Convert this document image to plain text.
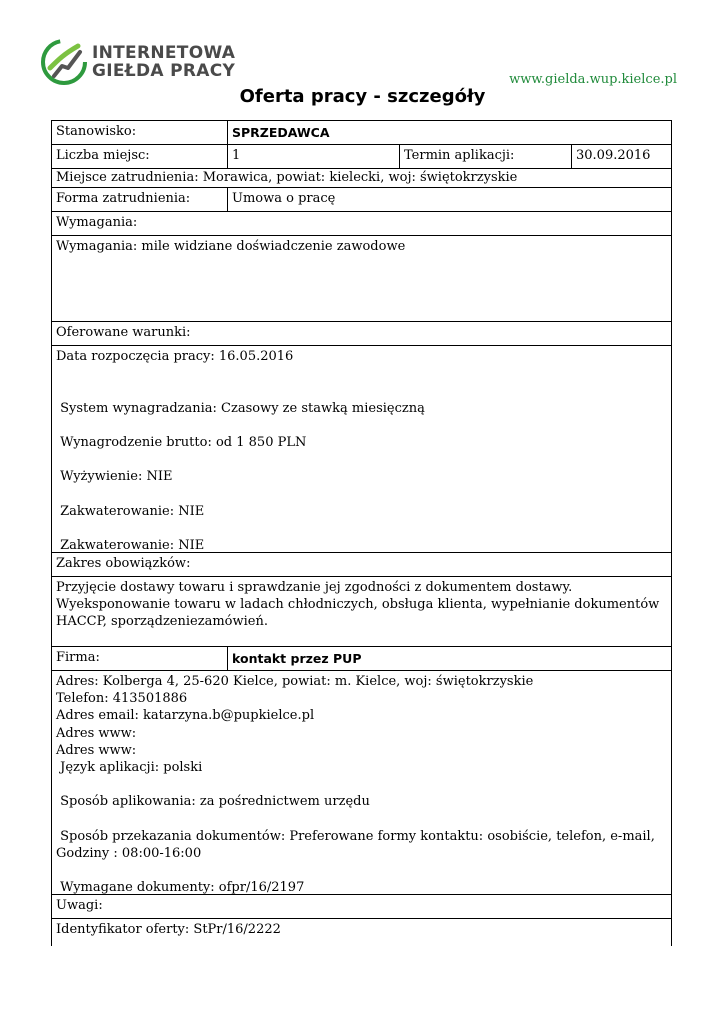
INTERNETOWA
GIEŁDA PRACY	www.gielda.wup.kielce.pl
Oferta pracy - szczegóły
Stanowisko:	SPRZEDAWCA
Liczba miejsc:	1	Termin aplikacji:	30.09.2016
Miejsce zatrudnienia: Morawica, powiat: kielecki, woj: świętokrzyskie
Forma zatrudnienia:	Umowa o pracę
Wymagania:
Wymagania: mile widziane doświadczenie zawodowe
Oferowane warunki:
Data rozpoczęcia pracy: 16.05.2016

System wynagradzania: Czasowy ze stawką miesięczną

Wynagrodzenie brutto: od 1 850 PLN

Wyżywienie: NIE

Zakwaterowanie: NIE

Zakwaterowanie: NIE
Zakres obowiązków:
Przyjęcie dostawy towaru i sprawdzanie jej zgodności z dokumentem dostawy. Wyeksponowanie towaru w ladach chłodniczych, obsługa klienta, wypełnianie dokumentów HACCP, sporządzeniezamówień.
Firma:	kontakt przez PUP
Adres: Kolberga 4, 25-620 Kielce, powiat: m. Kielce, woj: świętokrzyskie
Telefon: 413501886
Adres email: katarzyna.b@pupkielce.pl
Adres www:
Adres www:
Język aplikacji: polski

Sposób aplikowania: za pośrednictwem urzędu

Sposób przekazania dokumentów: Preferowane formy kontaktu: osobiście, telefon, e-mail,
Godziny : 08:00-16:00

Wymagane dokumenty: ofpr/16/2197
Uwagi:
Identyfikator oferty: StPr/16/2222
